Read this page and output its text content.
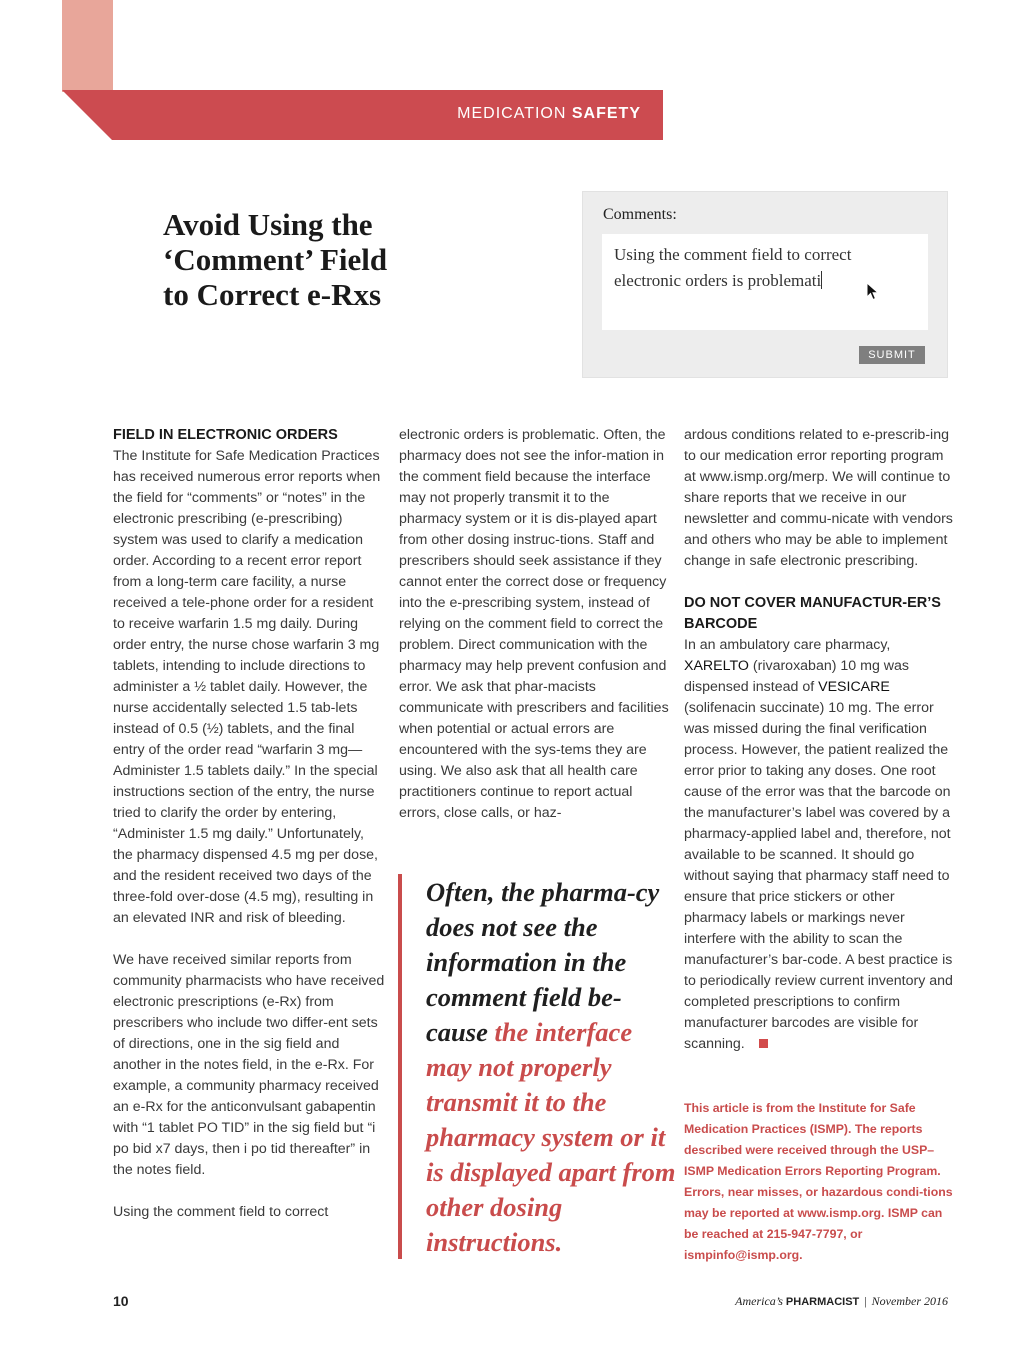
MEDICATION SAFETY
Avoid Using the
‘Comment’ Field
to Correct e-Rxs
Comments:
Using the comment field to correct
electronic orders is problemati
SUBMIT

FIELD IN ELECTRONIC ORDERS

The Institute for Safe Medication Practices has received numerous error reports when the field for “comments” or “notes” in the electronic prescribing (e-prescribing) system was used to clarify a medication order. According to a recent error report from a long-term care facility, a nurse received a tele-phone order for a resident to receive warfarin 1.5 mg daily. During order entry, the nurse chose warfarin 3 mg tablets, intending to include directions to administer a ½ tablet daily. However, the nurse accidentally selected 1.5 tab-lets instead of 0.5 (½) tablets, and the final entry of the order read “warfarin 3 mg—Administer 1.5 tablets daily.” In the special instructions section of the entry, the nurse tried to clarify the order by entering, “Administer 1.5 mg daily.” Unfortunately, the pharmacy dispensed 4.5 mg per dose, and the resident received two days of the three-fold over-dose (4.5 mg), resulting in an elevated INR and risk of bleeding.

We have received similar reports from community pharmacists who have received electronic prescriptions (e-Rx) from prescribers who include two differ-ent sets of directions, one in the sig field and another in the notes field, in the e-Rx. For example, a community pharmacy received an e-Rx for the anticonvulsant gabapentin with “1 tablet PO TID” in the sig field but “i po bid x7 days, then i po tid thereafter” in the notes field.

Using the comment field to correct

electronic orders is problematic. Often, the pharmacy does not see the infor-mation in the comment field because the interface may not properly transmit it to the pharmacy system or it is dis-played apart from other dosing instruc-tions. Staff and prescribers should seek assistance if they cannot enter the correct dose or frequency into the e-prescribing system, instead of relying on the comment field to correct the problem. Direct communication with the pharmacy may help prevent confusion and error. We ask that phar-macists communicate with prescribers and facilities when potential or actual errors are encountered with the sys-tems they are using. We also ask that all health care practitioners continue to report actual errors, close calls, or haz-

Often, the pharma-cy does not see the information in the comment field be-cause the interface may not properly transmit it to the pharmacy system or it is displayed apart from other dosing instructions.

ardous conditions related to e-prescrib-ing to our medication error reporting program at www.ismp.org/merp. We will continue to share reports that we receive in our newsletter and commu-nicate with vendors and others who may be able to implement change in safe electronic prescribing.

DO NOT COVER MANUFACTUR-ER’S BARCODE

In an ambulatory care pharmacy, XARELTO (rivaroxaban) 10 mg was dispensed instead of VESICARE (solifenacin succinate) 10 mg. The error was missed during the final verification process. However, the patient realized the error prior to taking any doses. One root cause of the error was that the barcode on the manufacturer’s label was covered by a pharmacy-applied label and, therefore, not available to be scanned. It should go without saying that pharmacy staff need to ensure that price stickers or other pharmacy labels or markings never interfere with the ability to scan the manufacturer’s bar-code. A best practice is to periodically review current inventory and completed prescriptions to confirm manufacturer barcodes are visible for scanning.

This article is from the Institute for Safe Medication Practices (ISMP). The reports described were received through the USP–ISMP Medication Errors Reporting Program. Errors, near misses, or hazardous condi-tions may be reported at www.ismp.org. ISMP can be reached at 215-947-7797, or ismpinfo@ismp.org.

10	America’s PHARMACIST | November 2016
